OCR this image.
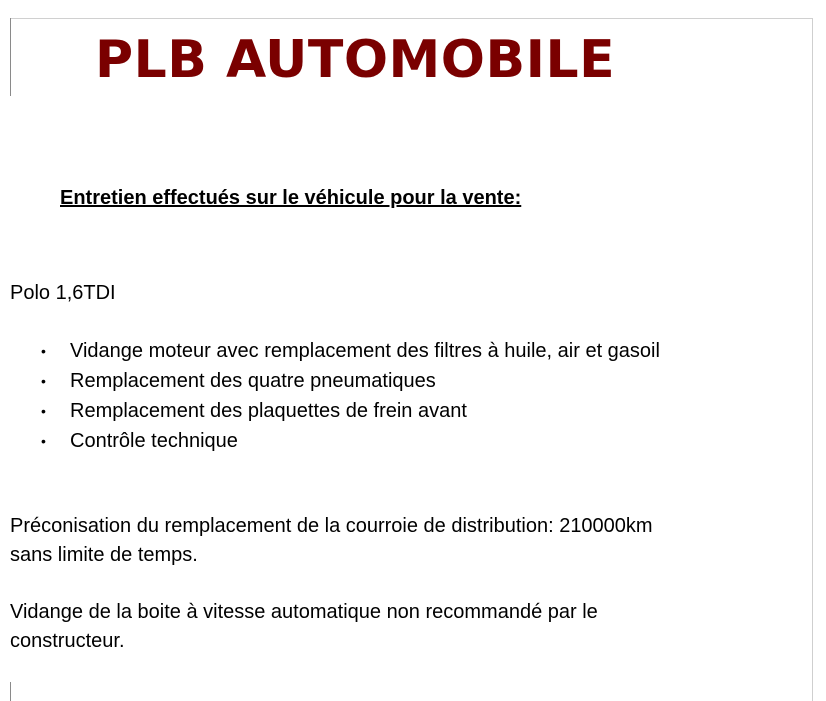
PLB AUTOMOBILE
Entretien effectués sur le véhicule pour la vente:

Polo 1,6TDI

• Vidange moteur avec remplacement des filtres à huile, air et gasoil
• Remplacement des quatre pneumatiques
• Remplacement des plaquettes de frein avant
• Contrôle technique

Préconisation du remplacement de la courroie de distribution: 210000km
sans limite de temps.

Vidange de la boite à vitesse automatique non recommandé par le
constructeur.
